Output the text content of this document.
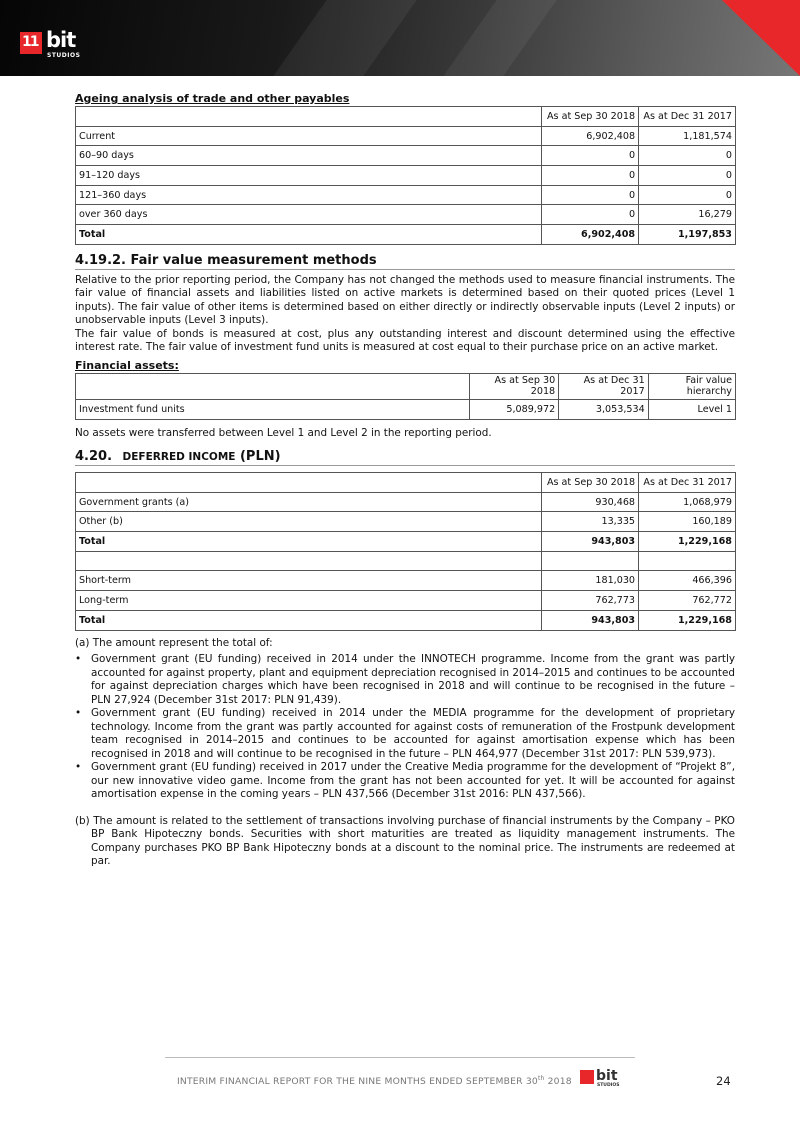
11 bit
STUDIOS
Ageing analysis of trade and other payables
	As at Sep 30 2018	As at Dec 31 2017
Current	6,902,408	1,181,574
60–90 days	0	0
91–120 days	0	0
121–360 days	0	0
over 360 days	0	16,279
Total	6,902,408	1,197,853
4.19.2. Fair value measurement methods

Relative to the prior reporting period, the Company has not changed the methods used to measure financial instruments. The fair value of financial assets and liabilities listed on active markets is determined based on their quoted prices (Level 1 inputs). The fair value of other items is determined based on either directly or indirectly observable inputs (Level 2 inputs) or unobservable inputs (Level 3 inputs).

The fair value of bonds is measured at cost, plus any outstanding interest and discount determined using the effective interest rate. The fair value of investment fund units is measured at cost equal to their purchase price on an active market.

Financial assets:
	As at Sep 30 2018	As at Dec 31 2017	Fair value hierarchy
Investment fund units	5,089,972	3,053,534	Level 1

No assets were transferred between Level 1 and Level 2 in the reporting period.

4.20. DEFERRED INCOME (PLN)
	As at Sep 30 2018	As at Dec 31 2017
Government grants (a)	930,468	1,068,979
Other (b)	13,335	160,189
Total	943,803	1,229,168

Short-term	181,030	466,396
Long-term	762,773	762,772
Total	943,803	1,229,168

(a) The amount represent the total of:

• Government grant (EU funding) received in 2014 under the INNOTECH programme. Income from the grant was partly accounted for against property, plant and equipment depreciation recognised in 2014–2015 and continues to be accounted for against depreciation charges which have been recognised in 2018 and will continue to be recognised in the future – PLN 27,924 (December 31st 2017: PLN 91,439).
• Government grant (EU funding) received in 2014 under the MEDIA programme for the development of proprietary technology. Income from the grant was partly accounted for against costs of remuneration of the Frostpunk development team recognised in 2014–2015 and continues to be accounted for against amortisation expense which has been recognised in 2018 and will continue to be recognised in the future – PLN 464,977 (December 31st 2017: PLN 539,973).
• Government grant (EU funding) received in 2017 under the Creative Media programme for the development of “Projekt 8”, our new innovative video game. Income from the grant has not been accounted for yet. It will be accounted for against amortisation expense in the coming years – PLN 437,566 (December 31st 2016: PLN 437,566).

(b) The amount is related to the settlement of transactions involving purchase of financial instruments by the Company – PKO BP Bank Hipoteczny bonds. Securities with short maturities are treated as liquidity management instruments. The Company purchases PKO BP Bank Hipoteczny bonds at a discount to the nominal price. The instruments are redeemed at par.

INTERIM FINANCIAL REPORT FOR THE NINE MONTHS ENDED SEPTEMBER 30th 2018 bit
STUDIOS	24
